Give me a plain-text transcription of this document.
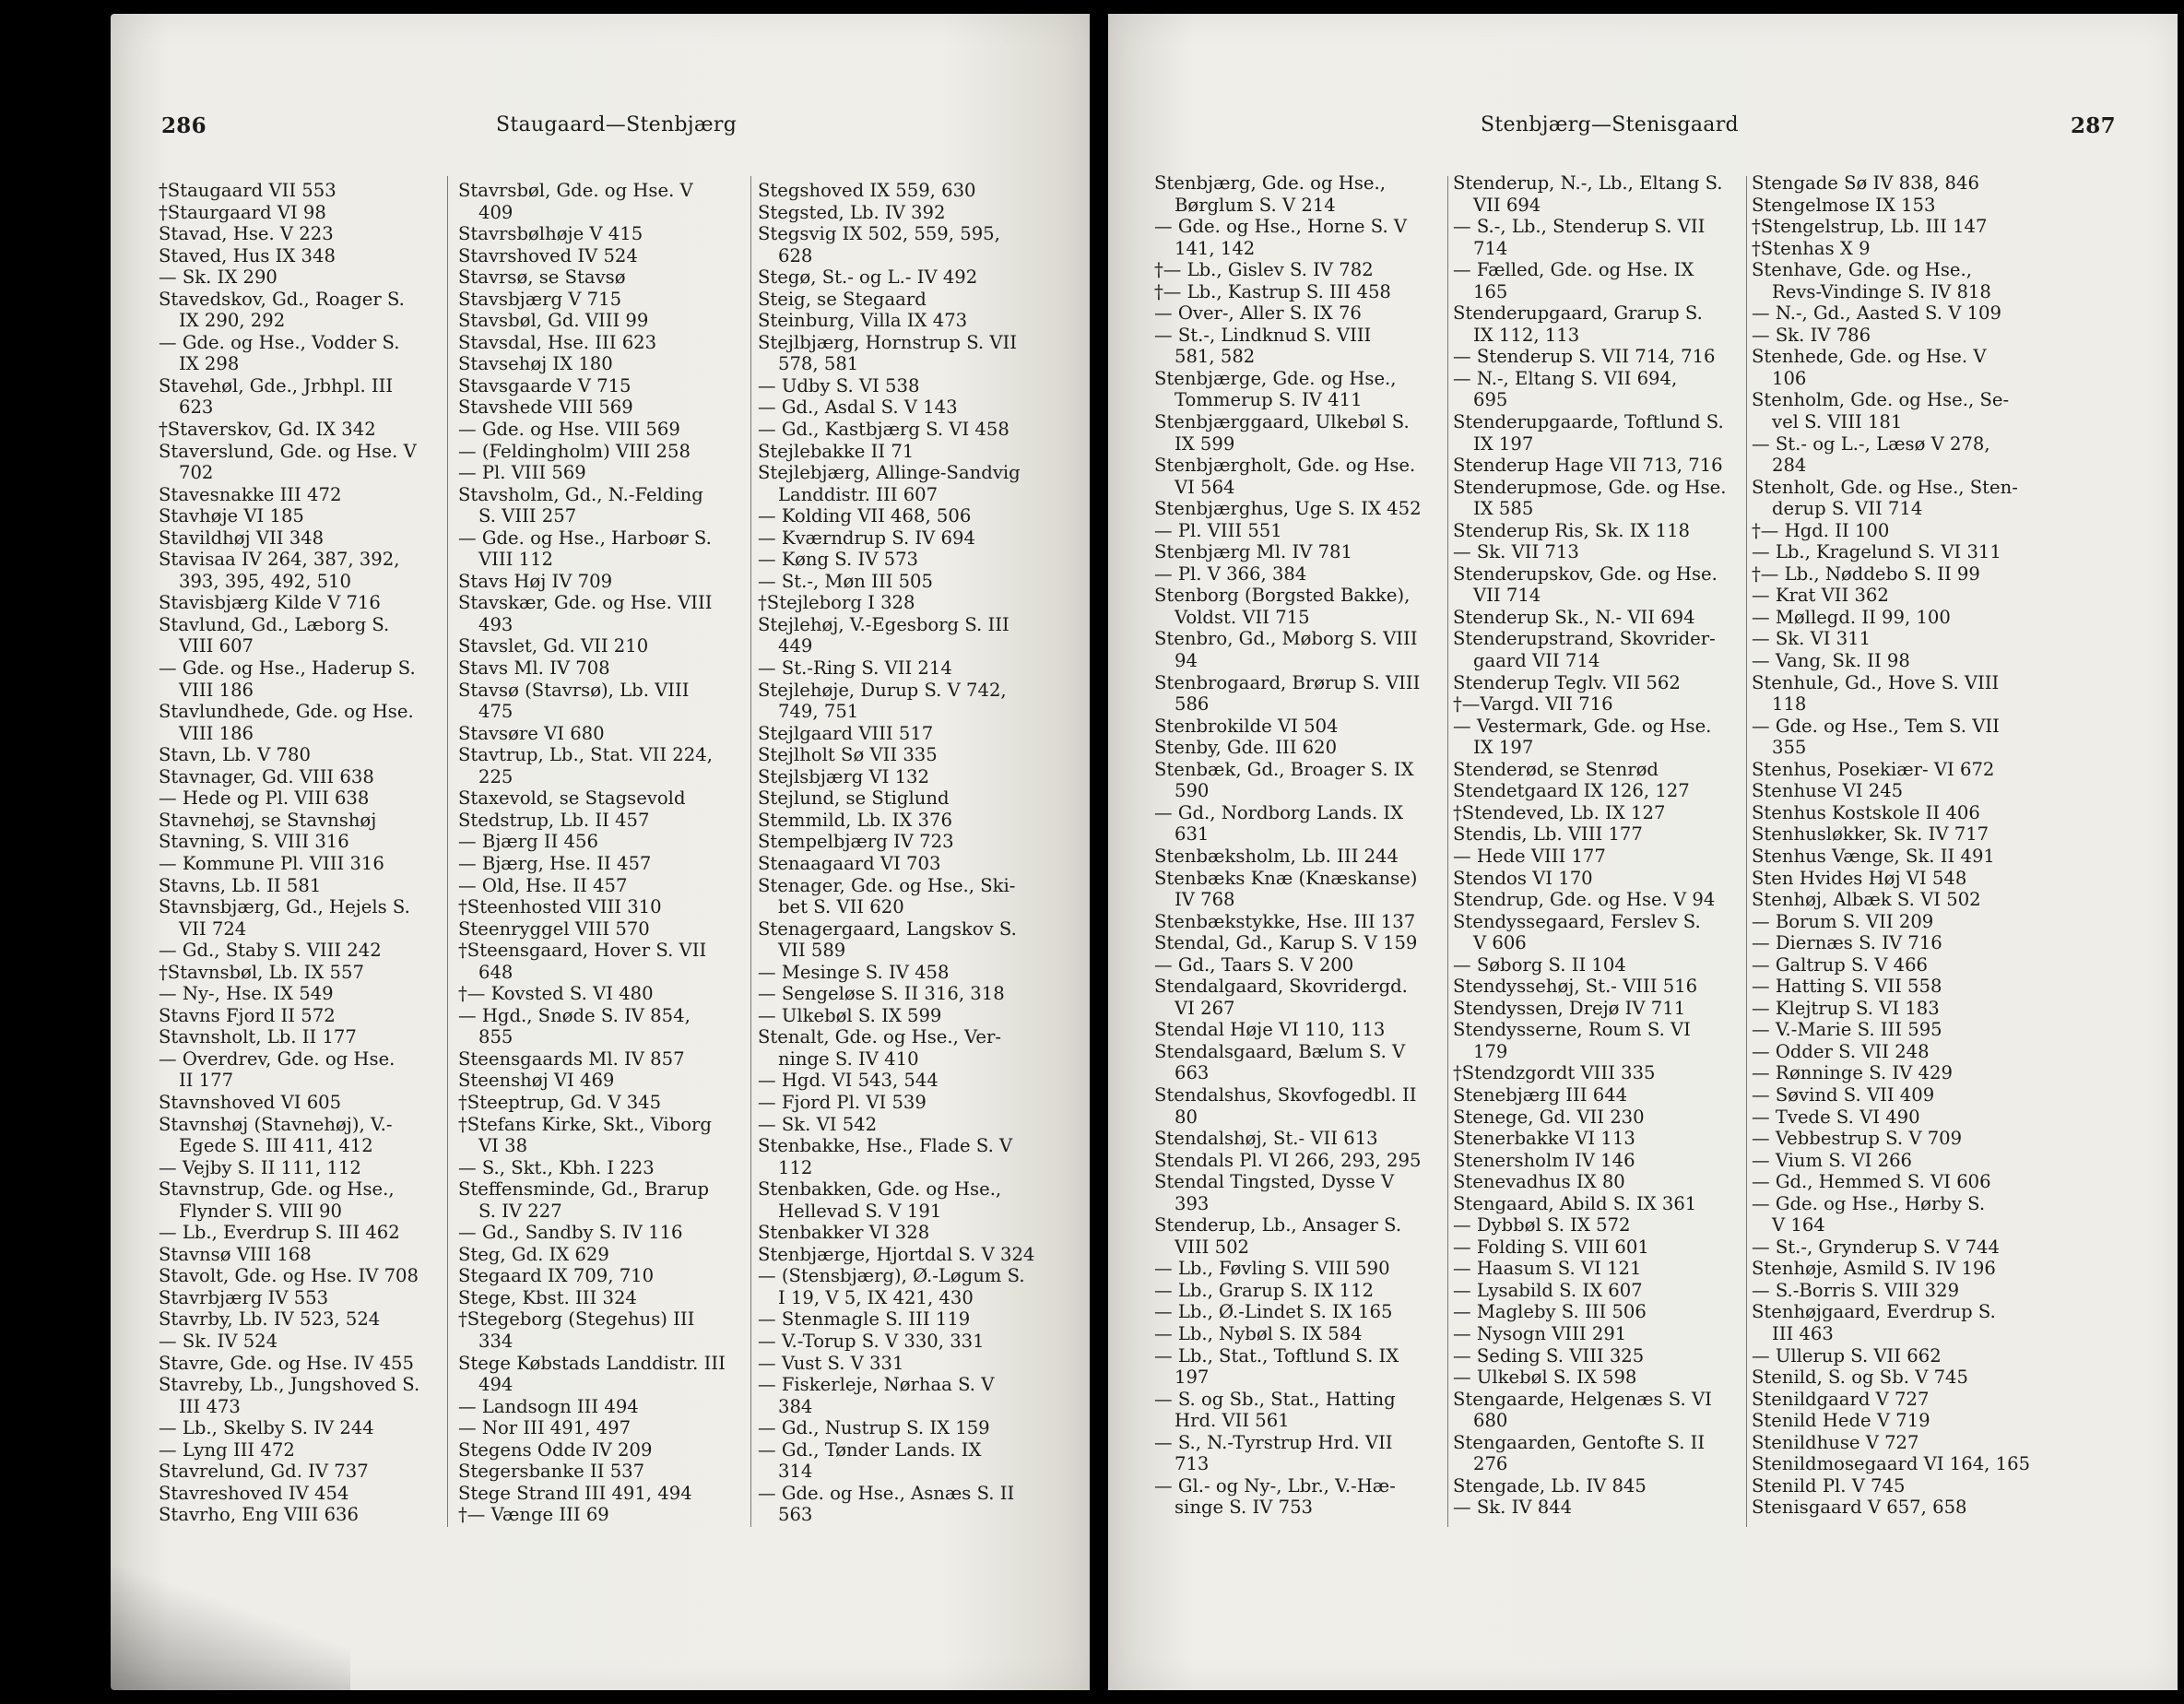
286	Staugaard—Stenbjærg
†Staugaard VII 553
†Staurgaard VI 98
Stavad, Hse. V 223
Staved, Hus IX 348
— Sk. IX 290
Stavedskov, Gd., Roager S.
IX 290, 292
— Gde. og Hse., Vodder S.
IX 298
Stavehøl, Gde., Jrbhpl. III
623
†Staverskov, Gd. IX 342
Staverslund, Gde. og Hse. V
702
Stavesnakke III 472
Stavhøje VI 185
Stavildhøj VII 348
Stavisaa IV 264, 387, 392,
393, 395, 492, 510
Stavisbjærg Kilde V 716
Stavlund, Gd., Læborg S.
VIII 607
— Gde. og Hse., Haderup S.
VIII 186
Stavlundhede, Gde. og Hse.
VIII 186
Stavn, Lb. V 780
Stavnager, Gd. VIII 638
— Hede og Pl. VIII 638
Stavnehøj, se Stavnshøj
Stavning, S. VIII 316
— Kommune Pl. VIII 316
Stavns, Lb. II 581
Stavnsbjærg, Gd., Hejels S.
VII 724
— Gd., Staby S. VIII 242
†Stavnsbøl, Lb. IX 557
— Ny-, Hse. IX 549
Stavns Fjord II 572
Stavnsholt, Lb. II 177
— Overdrev, Gde. og Hse.
II 177
Stavnshoved VI 605
Stavnshøj (Stavnehøj), V.-
Egede S. III 411, 412
— Vejby S. II 111, 112
Stavnstrup, Gde. og Hse.,
Flynder S. VIII 90
— Lb., Everdrup S. III 462
Stavnsø VIII 168
Stavolt, Gde. og Hse. IV 708
Stavrbjærg IV 553
Stavrby, Lb. IV 523, 524
— Sk. IV 524
Stavre, Gde. og Hse. IV 455
Stavreby, Lb., Jungshoved S.
III 473
— Lb., Skelby S. IV 244
— Lyng III 472
Stavrelund, Gd. IV 737
Stavreshoved IV 454
Stavrho, Eng VIII 636
Stavrsbøl, Gde. og Hse. V
409
Stavrsbølhøje V 415
Stavrshoved IV 524
Stavrsø, se Stavsø
Stavsbjærg V 715
Stavsbøl, Gd. VIII 99
Stavsdal, Hse. III 623
Stavsehøj IX 180
Stavsgaarde V 715
Stavshede VIII 569
— Gde. og Hse. VIII 569
— (Feldingholm) VIII 258
— Pl. VIII 569
Stavsholm, Gd., N.-Felding
S. VIII 257
— Gde. og Hse., Harboør S.
VIII 112
Stavs Høj IV 709
Stavskær, Gde. og Hse. VIII
493
Stavslet, Gd. VII 210
Stavs Ml. IV 708
Stavsø (Stavrsø), Lb. VIII
475
Stavsøre VI 680
Stavtrup, Lb., Stat. VII 224,
225
Staxevold, se Stagsevold
Stedstrup, Lb. II 457
— Bjærg II 456
— Bjærg, Hse. II 457
— Old, Hse. II 457
†Steenhosted VIII 310
Steenryggel VIII 570
†Steensgaard, Hover S. VII
648
†— Kovsted S. VI 480
— Hgd., Snøde S. IV 854,
855
Steensgaards Ml. IV 857
Steenshøj VI 469
†Steeptrup, Gd. V 345
†Stefans Kirke, Skt., Viborg
VI 38
— S., Skt., Kbh. I 223
Steffensminde, Gd., Brarup
S. IV 227
— Gd., Sandby S. IV 116
Steg, Gd. IX 629
Stegaard IX 709, 710
Stege, Kbst. III 324
†Stegeborg (Stegehus) III
334
Stege Købstads Landdistr. III
494
— Landsogn III 494
— Nor III 491, 497
Stegens Odde IV 209
Stegersbanke II 537
Stege Strand III 491, 494
†— Vænge III 69
Stegshoved IX 559, 630
Stegsted, Lb. IV 392
Stegsvig IX 502, 559, 595,
628
Stegø, St.- og L.- IV 492
Steig, se Stegaard
Steinburg, Villa IX 473
Stejlbjærg, Hornstrup S. VII
578, 581
— Udby S. VI 538
— Gd., Asdal S. V 143
— Gd., Kastbjærg S. VI 458
Stejlebakke II 71
Stejlebjærg, Allinge-Sandvig
Landdistr. III 607
— Kolding VII 468, 506
— Kværndrup S. IV 694
— Køng S. IV 573
— St.-, Møn III 505
†Stejleborg I 328
Stejlehøj, V.-Egesborg S. III
449
— St.-Ring S. VII 214
Stejlehøje, Durup S. V 742,
749, 751
Stejlgaard VIII 517
Stejlholt Sø VII 335
Stejlsbjærg VI 132
Stejlund, se Stiglund
Stemmild, Lb. IX 376
Stempelbjærg IV 723
Stenaagaard VI 703
Stenager, Gde. og Hse., Ski-
bet S. VII 620
Stenagergaard, Langskov S.
VII 589
— Mesinge S. IV 458
— Sengeløse S. II 316, 318
— Ulkebøl S. IX 599
Stenalt, Gde. og Hse., Ver-
ninge S. IV 410
— Hgd. VI 543, 544
— Fjord Pl. VI 539
— Sk. VI 542
Stenbakke, Hse., Flade S. V
112
Stenbakken, Gde. og Hse.,
Hellevad S. V 191
Stenbakker VI 328
Stenbjærge, Hjortdal S. V 324
— (Stensbjærg), Ø.-Løgum S.
I 19, V 5, IX 421, 430
— Stenmagle S. III 119
— V.-Torup S. V 330, 331
— Vust S. V 331
— Fiskerleje, Nørhaa S. V
384
— Gd., Nustrup S. IX 159
— Gd., Tønder Lands. IX
314
— Gde. og Hse., Asnæs S. II
563
Stenbjærg—Stenisgaard	287
Stenbjærg, Gde. og Hse.,
Børglum S. V 214
— Gde. og Hse., Horne S. V
141, 142
†— Lb., Gislev S. IV 782
†— Lb., Kastrup S. III 458
— Over-, Aller S. IX 76
— St.-, Lindknud S. VIII
581, 582
Stenbjærge, Gde. og Hse.,
Tommerup S. IV 411
Stenbjærggaard, Ulkebøl S.
IX 599
Stenbjærgholt, Gde. og Hse.
VI 564
Stenbjærghus, Uge S. IX 452
— Pl. VIII 551
Stenbjærg Ml. IV 781
— Pl. V 366, 384
Stenborg (Borgsted Bakke),
Voldst. VII 715
Stenbro, Gd., Møborg S. VIII
94
Stenbrogaard, Brørup S. VIII
586
Stenbrokilde VI 504
Stenby, Gde. III 620
Stenbæk, Gd., Broager S. IX
590
— Gd., Nordborg Lands. IX
631
Stenbæksholm, Lb. III 244
Stenbæks Knæ (Knæskanse)
IV 768
Stenbækstykke, Hse. III 137
Stendal, Gd., Karup S. V 159
— Gd., Taars S. V 200
Stendalgaard, Skovridergd.
VI 267
Stendal Høje VI 110, 113
Stendalsgaard, Bælum S. V
663
Stendalshus, Skovfogedbl. II
80
Stendalshøj, St.- VII 613
Stendals Pl. VI 266, 293, 295
Stendal Tingsted, Dysse V
393
Stenderup, Lb., Ansager S.
VIII 502
— Lb., Føvling S. VIII 590
— Lb., Grarup S. IX 112
— Lb., Ø.-Lindet S. IX 165
— Lb., Nybøl S. IX 584
— Lb., Stat., Toftlund S. IX
197
— S. og Sb., Stat., Hatting
Hrd. VII 561
— S., N.-Tyrstrup Hrd. VII
713
— Gl.- og Ny-, Lbr., V.-Hæ-
singe S. IV 753
Stenderup, N.-, Lb., Eltang S.
VII 694
— S.-, Lb., Stenderup S. VII
714
— Fælled, Gde. og Hse. IX
165
Stenderupgaard, Grarup S.
IX 112, 113
— Stenderup S. VII 714, 716
— N.-, Eltang S. VII 694,
695
Stenderupgaarde, Toftlund S.
IX 197
Stenderup Hage VII 713, 716
Stenderupmose, Gde. og Hse.
IX 585
Stenderup Ris, Sk. IX 118
— Sk. VII 713
Stenderupskov, Gde. og Hse.
VII 714
Stenderup Sk., N.- VII 694
Stenderupstrand, Skovrider-
gaard VII 714
Stenderup Teglv. VII 562
†—Vargd. VII 716
— Vestermark, Gde. og Hse.
IX 197
Stenderød, se Stenrød
Stendetgaard IX 126, 127
†Stendeved, Lb. IX 127
Stendis, Lb. VIII 177
— Hede VIII 177
Stendos VI 170
Stendrup, Gde. og Hse. V 94
Stendyssegaard, Ferslev S.
V 606
— Søborg S. II 104
Stendyssehøj, St.- VIII 516
Stendyssen, Drejø IV 711
Stendysserne, Roum S. VI
179
†Stendzgordt VIII 335
Stenebjærg III 644
Stenege, Gd. VII 230
Stenerbakke VI 113
Stenersholm IV 146
Stenevadhus IX 80
Stengaard, Abild S. IX 361
— Dybbøl S. IX 572
— Folding S. VIII 601
— Haasum S. VI 121
— Lysabild S. IX 607
— Magleby S. III 506
— Nysogn VIII 291
— Seding S. VIII 325
— Ulkebøl S. IX 598
Stengaarde, Helgenæs S. VI
680
Stengaarden, Gentofte S. II
276
Stengade, Lb. IV 845
— Sk. IV 844
Stengade Sø IV 838, 846
Stengelmose IX 153
†Stengelstrup, Lb. III 147
†Stenhas X 9
Stenhave, Gde. og Hse.,
Revs-Vindinge S. IV 818
— N.-, Gd., Aasted S. V 109
— Sk. IV 786
Stenhede, Gde. og Hse. V
106
Stenholm, Gde. og Hse., Se-
vel S. VIII 181
— St.- og L.-, Læsø V 278,
284
Stenholt, Gde. og Hse., Sten-
derup S. VII 714
†— Hgd. II 100
— Lb., Kragelund S. VI 311
†— Lb., Nøddebo S. II 99
— Krat VII 362
— Møllegd. II 99, 100
— Sk. VI 311
— Vang, Sk. II 98
Stenhule, Gd., Hove S. VIII
118
— Gde. og Hse., Tem S. VII
355
Stenhus, Posekiær- VI 672
Stenhuse VI 245
Stenhus Kostskole II 406
Stenhusløkker, Sk. IV 717
Stenhus Vænge, Sk. II 491
Sten Hvides Høj VI 548
Stenhøj, Albæk S. VI 502
— Borum S. VII 209
— Diernæs S. IV 716
— Galtrup S. V 466
— Hatting S. VII 558
— Klejtrup S. VI 183
— V.-Marie S. III 595
— Odder S. VII 248
— Rønninge S. IV 429
— Søvind S. VII 409
— Tvede S. VI 490
— Vebbestrup S. V 709
— Vium S. VI 266
— Gd., Hemmed S. VI 606
— Gde. og Hse., Hørby S.
V 164
— St.-, Grynderup S. V 744
Stenhøje, Asmild S. IV 196
— S.-Borris S. VIII 329
Stenhøjgaard, Everdrup S.
III 463
— Ullerup S. VII 662
Stenild, S. og Sb. V 745
Stenildgaard V 727
Stenild Hede V 719
Stenildhuse V 727
Stenildmosegaard VI 164, 165
Stenild Pl. V 745
Stenisgaard V 657, 658
